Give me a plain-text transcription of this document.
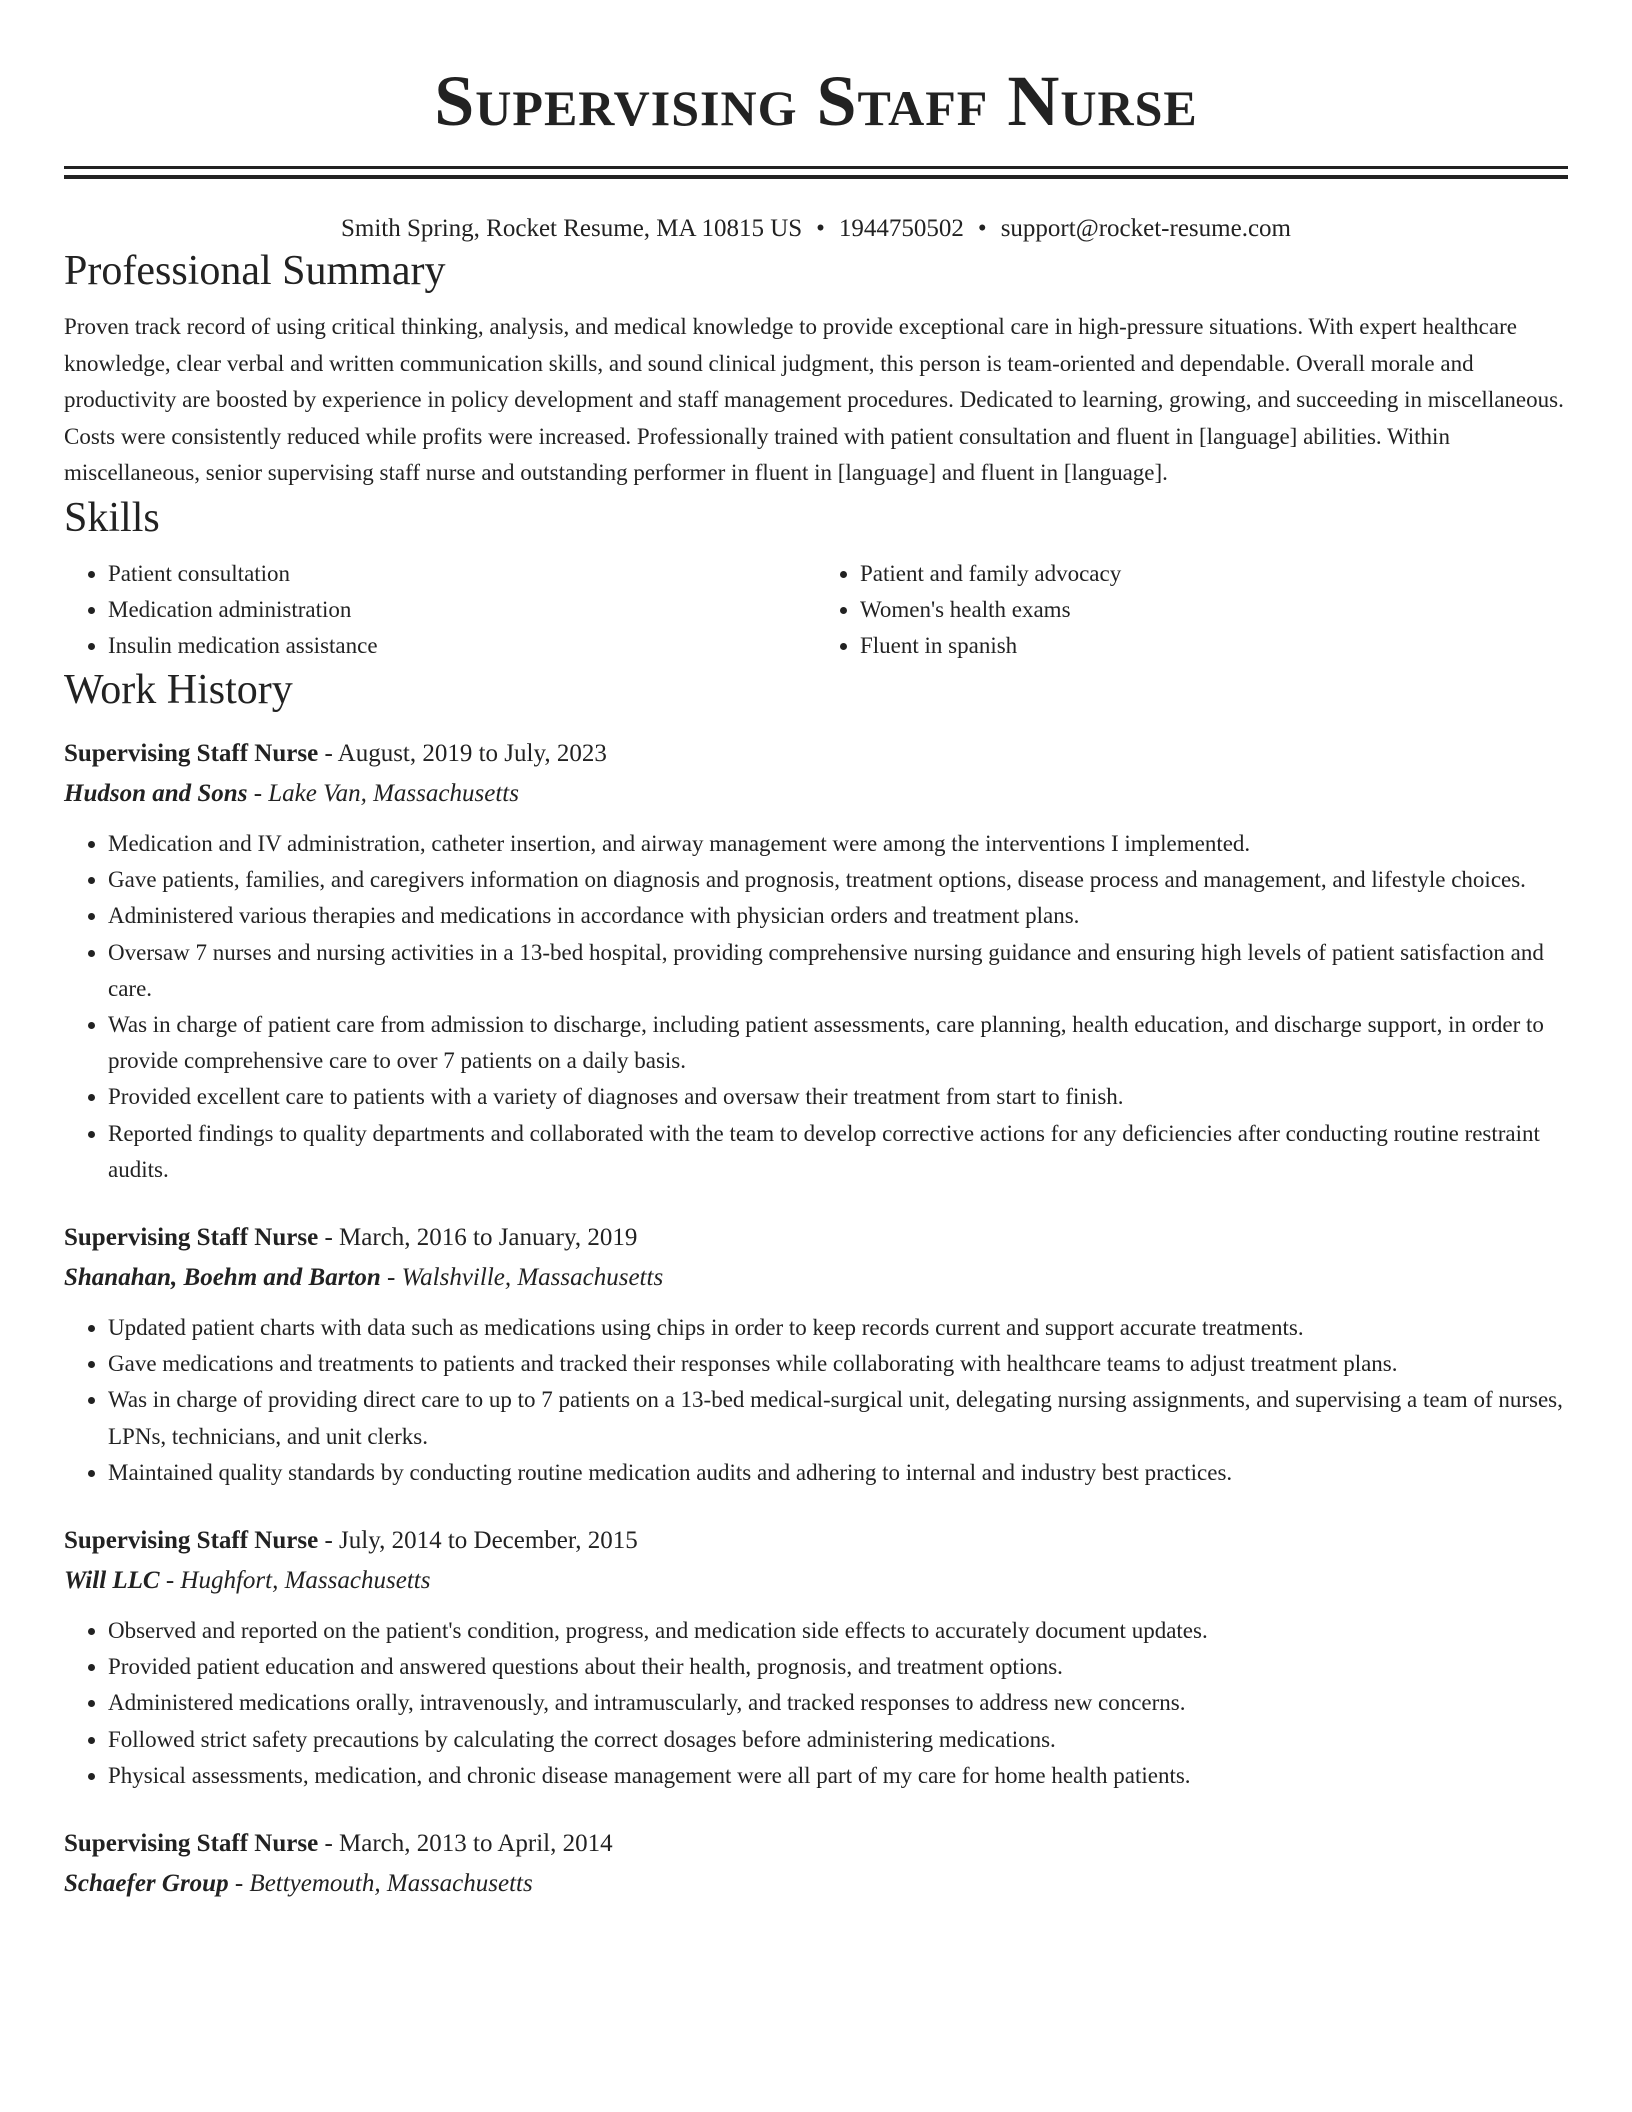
Supervising Staff Nurse
Smith Spring, Rocket Resume, MA 10815 US • 1944750502 • support@rocket-resume.com
Professional Summary

Proven track record of using critical thinking, analysis, and medical knowledge to provide exceptional care in high-pressure situations. With expert healthcare knowledge, clear verbal and written communication skills, and sound clinical judgment, this person is team-oriented and dependable. Overall morale and productivity are boosted by experience in policy development and staff management procedures. Dedicated to learning, growing, and succeeding in miscellaneous. Costs were consistently reduced while profits were increased. Professionally trained with patient consultation and fluent in [language] abilities. Within miscellaneous, senior supervising staff nurse and outstanding performer in fluent in [language] and fluent in [language].

Skills
• Patient consultation
• Medication administration
• Insulin medication assistance
• Patient and family advocacy
• Women's health exams
• Fluent in spanish
Work History
Supervising Staff Nurse - August, 2019 to July, 2023
Hudson and Sons - Lake Van, Massachusetts
• Medication and IV administration, catheter insertion, and airway management were among the interventions I implemented.
• Gave patients, families, and caregivers information on diagnosis and prognosis, treatment options, disease process and management, and lifestyle choices.
• Administered various therapies and medications in accordance with physician orders and treatment plans.
• Oversaw 7 nurses and nursing activities in a 13-bed hospital, providing comprehensive nursing guidance and ensuring high levels of patient satisfaction and care.
• Was in charge of patient care from admission to discharge, including patient assessments, care planning, health education, and discharge support, in order to provide comprehensive care to over 7 patients on a daily basis.
• Provided excellent care to patients with a variety of diagnoses and oversaw their treatment from start to finish.
• Reported findings to quality departments and collaborated with the team to develop corrective actions for any deficiencies after conducting routine restraint audits.
Supervising Staff Nurse - March, 2016 to January, 2019
Shanahan, Boehm and Barton - Walshville, Massachusetts
• Updated patient charts with data such as medications using chips in order to keep records current and support accurate treatments.
• Gave medications and treatments to patients and tracked their responses while collaborating with healthcare teams to adjust treatment plans.
• Was in charge of providing direct care to up to 7 patients on a 13-bed medical-surgical unit, delegating nursing assignments, and supervising a team of nurses, LPNs, technicians, and unit clerks.
• Maintained quality standards by conducting routine medication audits and adhering to internal and industry best practices.
Supervising Staff Nurse - July, 2014 to December, 2015
Will LLC - Hughfort, Massachusetts
• Observed and reported on the patient's condition, progress, and medication side effects to accurately document updates.
• Provided patient education and answered questions about their health, prognosis, and treatment options.
• Administered medications orally, intravenously, and intramuscularly, and tracked responses to address new concerns.
• Followed strict safety precautions by calculating the correct dosages before administering medications.
• Physical assessments, medication, and chronic disease management were all part of my care for home health patients.
Supervising Staff Nurse - March, 2013 to April, 2014
Schaefer Group - Bettyemouth, Massachusetts
